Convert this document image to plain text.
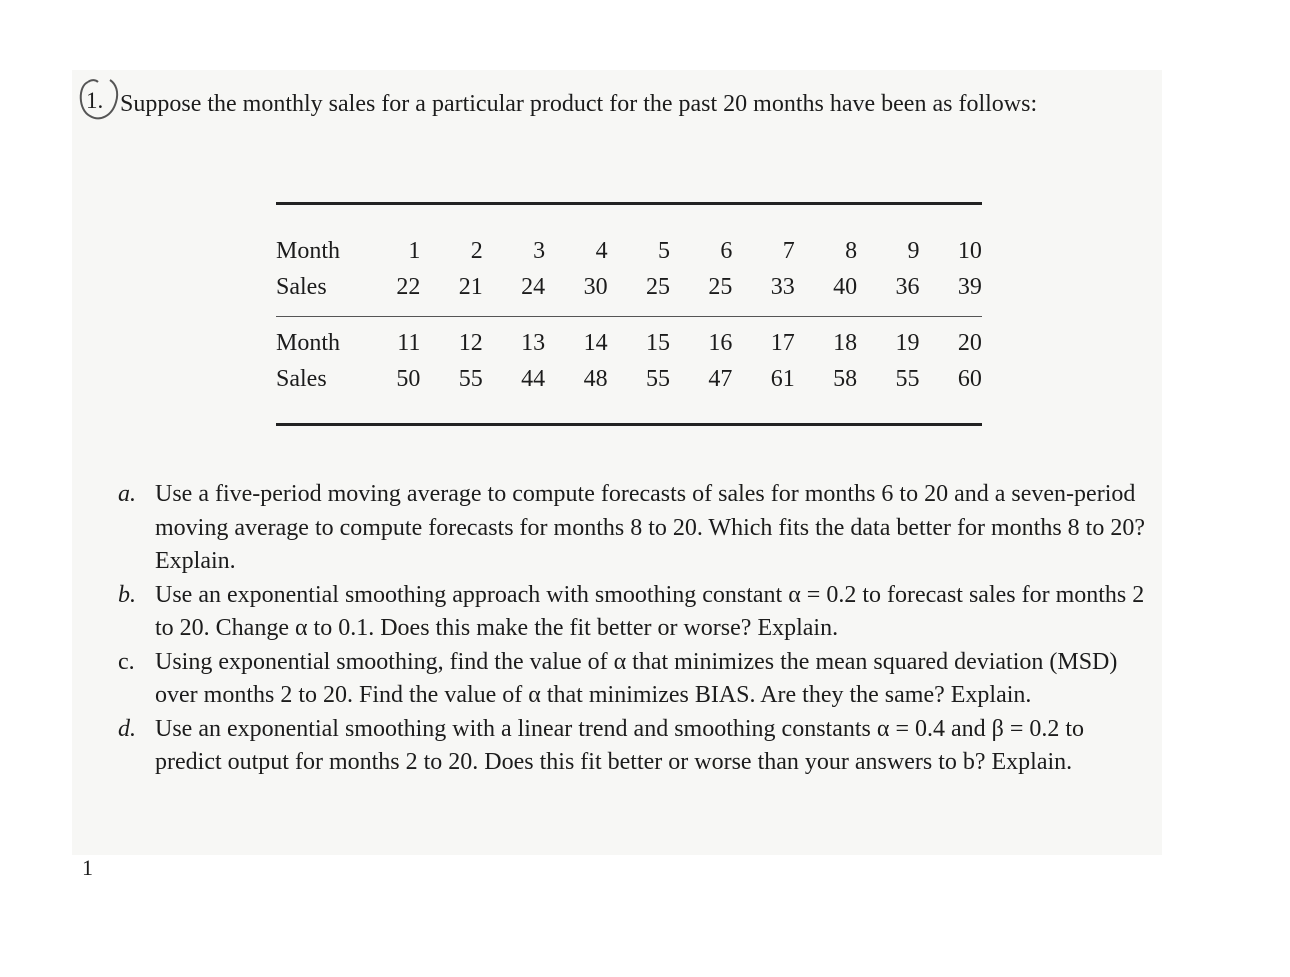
1. Suppose the monthly sales for a particular product for the past 20 months have been as follows:
Month	1	2	3	4	5	6	7	8	9	10
Sales	22	21	24	30	25	25	33	40	36	39
Month	11	12	13	14	15	16	17	18	19	20
Sales	50	55	44	48	55	47	61	58	55	60

a. Use a five-period moving average to compute forecasts of sales for months 6 to 20 and a seven-period moving average to compute forecasts for months 8 to 20. Which fits the data better for months 8 to 20? Explain.

b. Use an exponential smoothing approach with smoothing constant α = 0.2 to forecast sales for months 2 to 20. Change α to 0.1. Does this make the fit better or worse? Explain.

c. Using exponential smoothing, find the value of α that minimizes the mean squared deviation (MSD) over months 2 to 20. Find the value of α that minimizes BIAS. Are they the same? Explain.

d. Use an exponential smoothing with a linear trend and smoothing constants α = 0.4 and β = 0.2 to predict output for months 2 to 20. Does this fit better or worse than your answers to b? Explain.

1
